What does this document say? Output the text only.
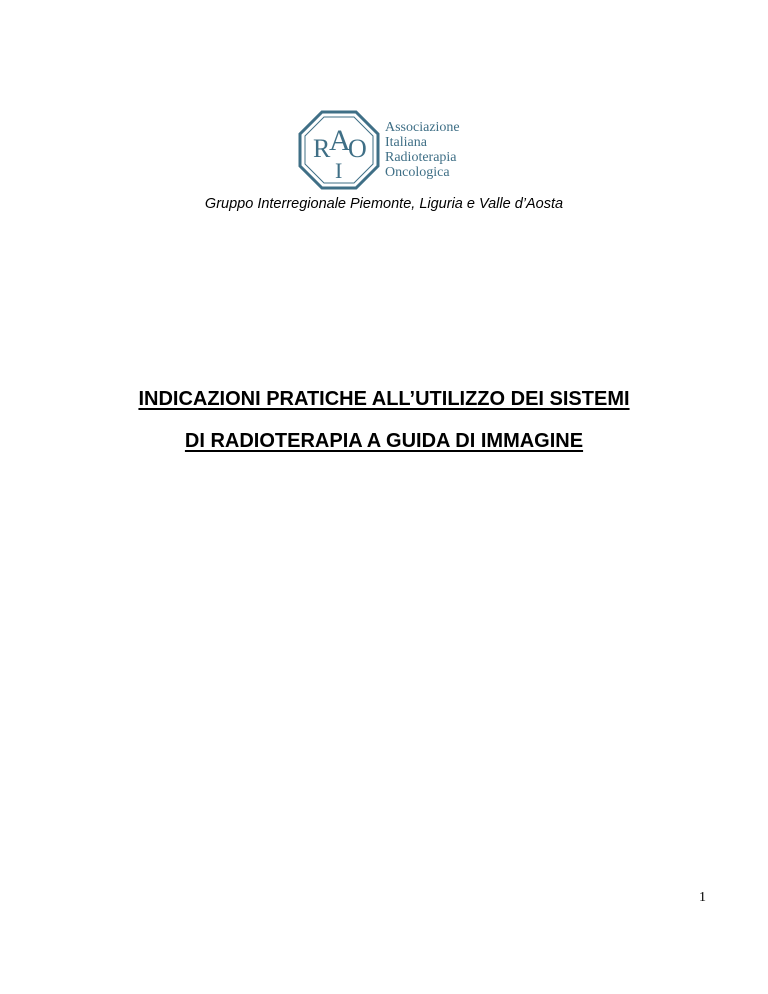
R
A
O
I
Associazione
Italiana
Radioterapia
Oncologica
Gruppo Interregionale Piemonte, Liguria e Valle d’Aosta
INDICAZIONI PRATICHE ALL’UTILIZZO DEI SISTEMI
DI RADIOTERAPIA A GUIDA DI IMMAGINE
1
